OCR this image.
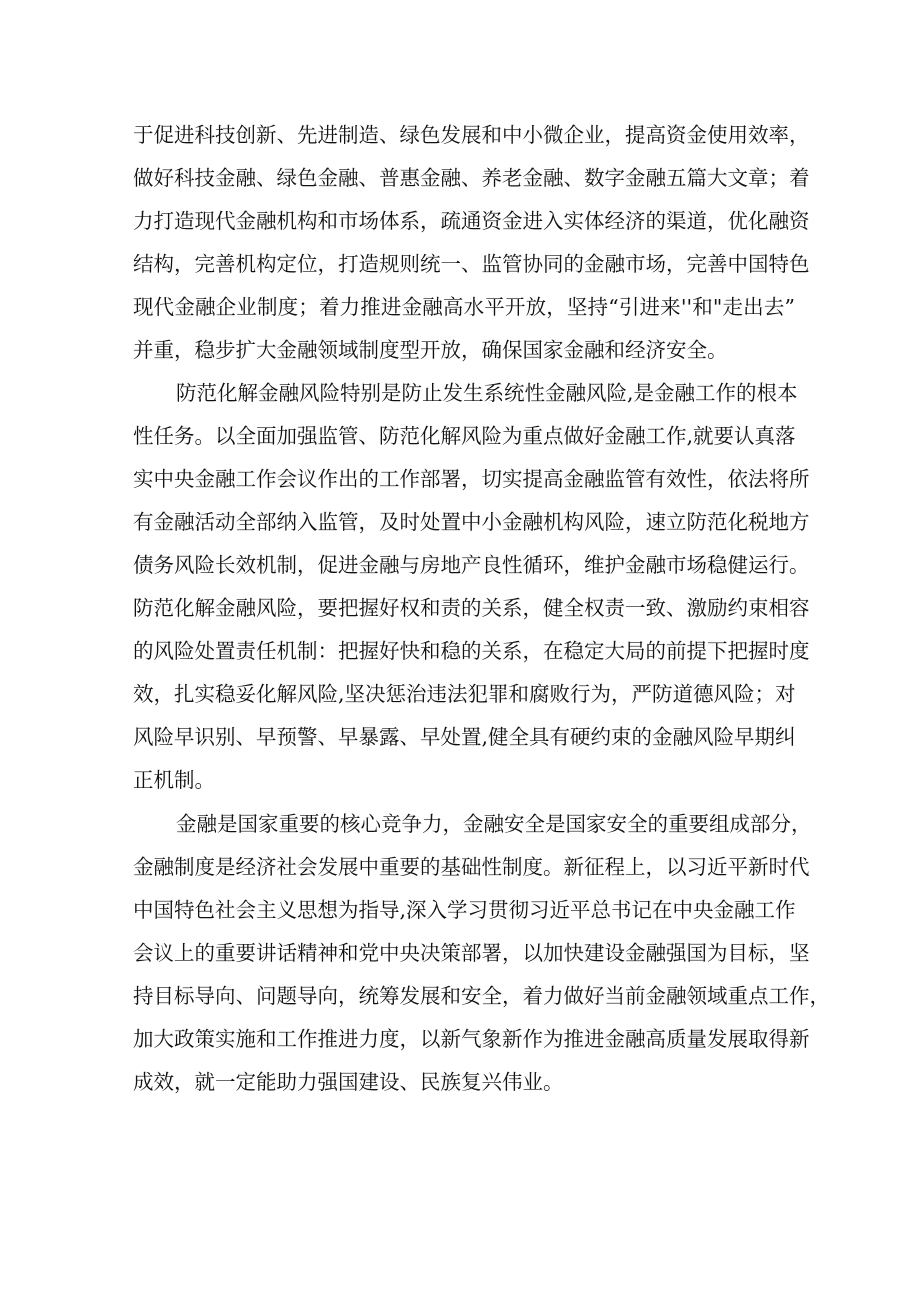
于促进科技创新、先进制造、绿色发展和中小微企业，提高资金使用效率，
做好科技金融、绿色金融、普惠金融、养老金融、数字金融五篇大文章；着
力打造现代金融机构和市场体系，疏通资金进入实体经济的渠道，优化融资
结构，完善机构定位，打造规则统一、监管协同的金融市场，完善中国特色
现代金融企业制度；着力推进金融高水平开放，坚持“引进来''和"走出去”
并重，稳步扩大金融领域制度型开放，确保国家金融和经济安全。
防范化解金融风险特别是防止发生系统性金融风险,是金融工作的根本
性任务。以全面加强监管、防范化解风险为重点做好金融工作,就要认真落
实中央金融工作会议作出的工作部署，切实提高金融监管有效性，依法将所
有金融活动全部纳入监管，及时处置中小金融机构风险，速立防范化税地方
债务风险长效机制，促进金融与房地产良性循环，维护金融市场稳健运行。
防范化解金融风险，要把握好权和责的关系，健全权责一致、激励约束相容
的风险处置责任机制：把握好快和稳的关系，在稳定大局的前提下把握时度
效，扎实稳妥化解风险,坚决惩治违法犯罪和腐败行为，严防道德风险；对
风险早识别、早预警、早暴露、早处置,健全具有硬约束的金融风险早期纠
正机制。
金融是国家重要的核心竞争力，金融安全是国家安全的重要组成部分，
金融制度是经济社会发展中重要的基础性制度。新征程上，以习近平新时代
中国特色社会主义思想为指导,深入学习贯彻习近平总书记在中央金融工作
会议上的重要讲话精神和党中央决策部署，以加快建设金融强国为目标，坚
持目标导向、问题导向，统筹发展和安全，着力做好当前金融领域重点工作，
加大政策实施和工作推进力度，以新气象新作为推进金融高质量发展取得新
成效，就一定能助力强国建设、民族复兴伟业。
